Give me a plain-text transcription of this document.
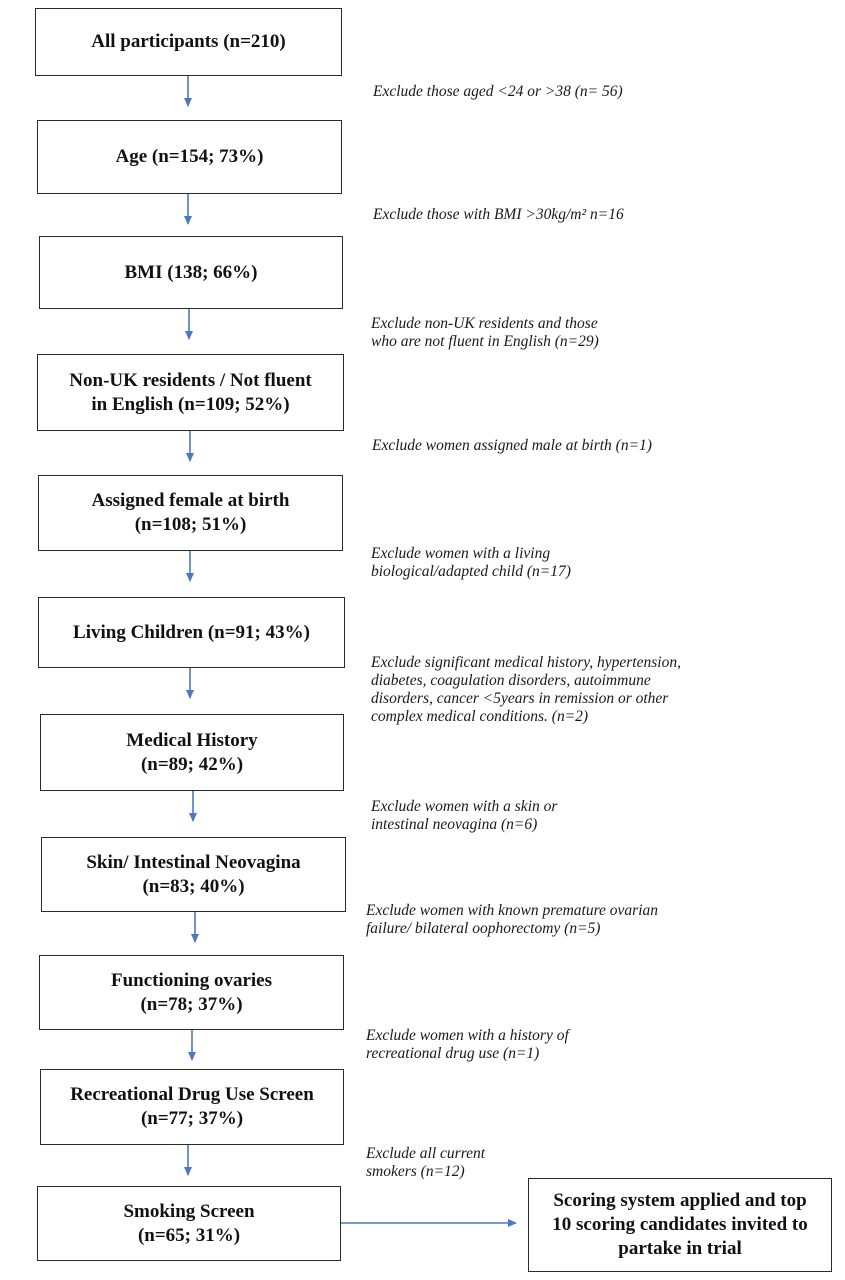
All participants (n=210)
Age (n=154; 73%)
BMI (138; 66%)
Non-UK residents / Not fluent
in English (n=109; 52%)
Assigned female at birth
(n=108; 51%)
Living Children (n=91; 43%)
Medical History
(n=89; 42%)
Skin/ Intestinal Neovagina
(n=83; 40%)
Functioning ovaries
(n=78; 37%)
Recreational Drug Use Screen
(n=77; 37%)
Smoking Screen
(n=65; 31%)
Scoring system applied and top
10 scoring candidates invited to
partake in trial
Exclude those aged <24 or >38 (n= 56)
Exclude those with BMI >30kg/m² n=16
Exclude non-UK residents and those
who are not fluent in English (n=29)
Exclude women assigned male at birth (n=1)
Exclude women with a living
biological/adapted child (n=17)
Exclude significant medical history, hypertension,
diabetes, coagulation disorders, autoimmune
disorders, cancer <5years in remission or other
complex medical conditions. (n=2)
Exclude women with a skin or
intestinal neovagina (n=6)
Exclude women with known premature ovarian
failure/ bilateral oophorectomy (n=5)
Exclude women with a history of
recreational drug use (n=1)
Exclude all current
smokers (n=12)
